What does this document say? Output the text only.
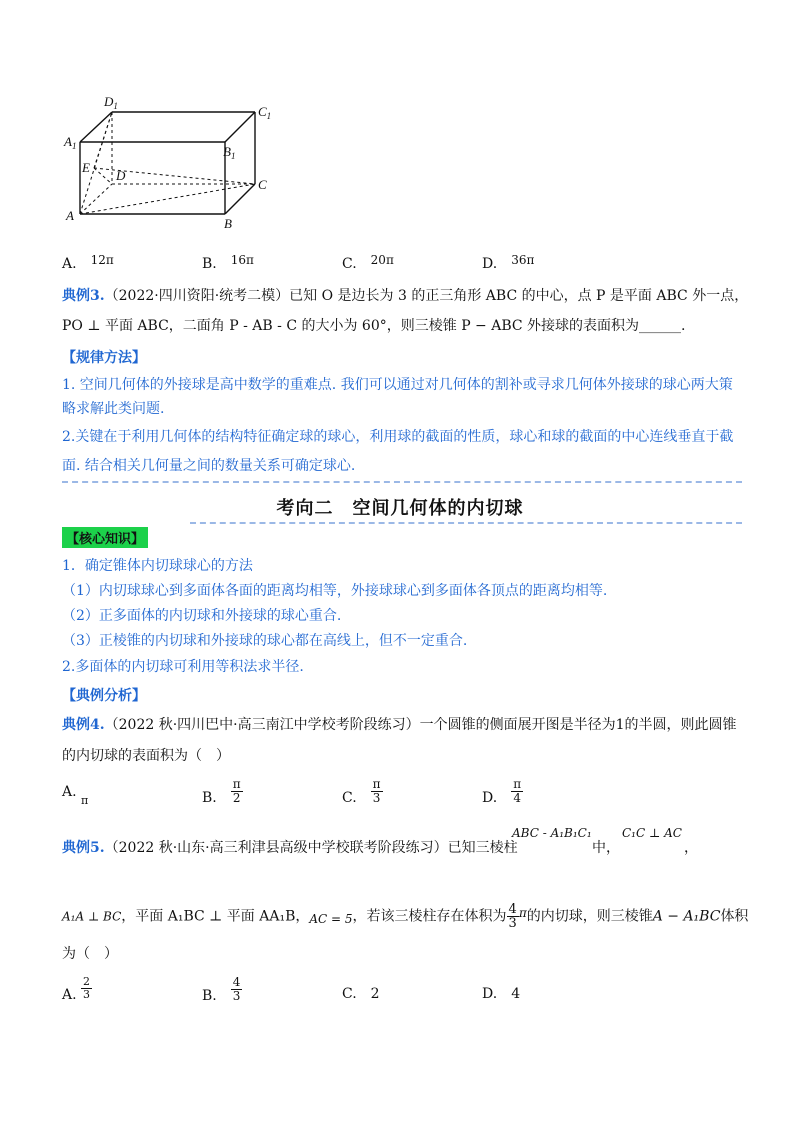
$D_1$	$C_1$
$A_1$	$B_1$
E
D
C
A
B
A.　 12π	B.　 16π	C.　 20π	D.　 36π
典例3.（2022·四川资阳·统考二模）已知 O 是边长为 3 的正三角形 ABC 的中心，点 P 是平面 ABC 外一点，
PO ⊥ 平面 ABC，二面角 P - AB - C 的大小为 60°，则三棱锥 P − ABC 外接球的表面积为______.
【规律方法】
1. 空间几何体的外接球是高中数学的重难点. 我们可以通过对几何体的割补或寻求几何体外接球的球心两大策
略求解此类问题.
2.关键在于利用几何体的结构特征确定球的球心，利用球的截面的性质，球心和球的截面的中心连线垂直于截
面. 结合相关几何量之间的数量关系可确定球心.
考向二　空间几何体的内切球
【核心知识】
1．确定锥体内切球球心的方法
（1）内切球球心到多面体各面的距离均相等，外接球球心到多面体各顶点的距离均相等.
（2）正多面体的内切球和外接球的球心重合.
（3）正棱锥的内切球和外接球的球心都在高线上，但不一定重合.
2.多面体的内切球可利用等积法求半径.
【典例分析】
典例4.（2022 秋·四川巴中·高三南江中学校考阶段练习）一个圆锥的侧面展开图是半径为1的半圆，则此圆锥
的内切球的表面积为（　）
A. $_\pi$	B.　 $\frac{\pi}{2}$	C.　 $\frac{\pi}{3}$	D.　 $\frac{\pi}{4}$
典例5.（2022 秋·山东·高三利津县高级中学校联考阶段练习）已知三棱柱
ABC - A₁B₁C₁
中，
C₁C ⊥ AC
，
A₁A ⊥ BC，平面 A₁BC ⊥ 平面 AA₁B，AC = 5，若该三棱柱存在体积为 $\frac{4}{3}$ π的内切球，则三棱锥A − A₁BC体积
为（　）
A. $\frac{2}{3}$	B.　 $\frac{4}{3}$	C.　 2	D.　 4
